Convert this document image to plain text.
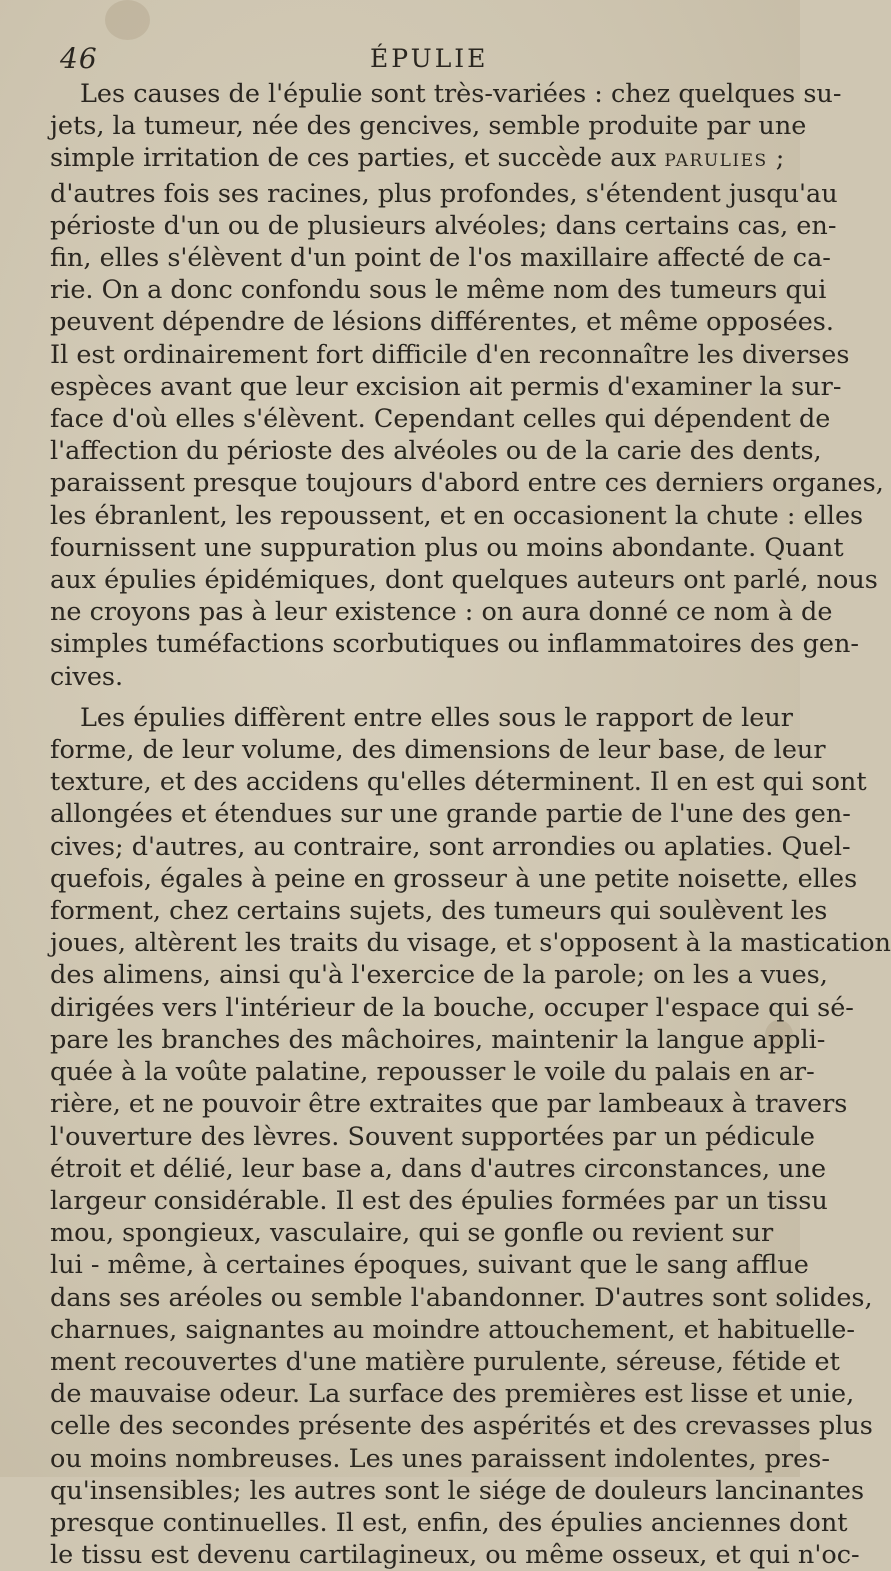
46	ÉPULIE
Les causes de l'épulie sont très-variées : chez quelques su-
jets, la tumeur, née des gencives, semble produite par une
simple irritation de ces parties, et succède aux PARULIES ;
d'autres fois ses racines, plus profondes, s'étendent jusqu'au
périoste d'un ou de plusieurs alvéoles; dans certains cas, en-
fin, elles s'élèvent d'un point de l'os maxillaire affecté de ca-
rie. On a donc confondu sous le même nom des tumeurs qui
peuvent dépendre de lésions différentes, et même opposées.
Il est ordinairement fort difficile d'en reconnaître les diverses
espèces avant que leur excision ait permis d'examiner la sur-
face d'où elles s'élèvent. Cependant celles qui dépendent de
l'affection du périoste des alvéoles ou de la carie des dents,
paraissent presque toujours d'abord entre ces derniers organes,
les ébranlent, les repoussent, et en occasionent la chute : elles
fournissent une suppuration plus ou moins abondante. Quant
aux épulies épidémiques, dont quelques auteurs ont parlé, nous
ne croyons pas à leur existence : on aura donné ce nom à de
simples tuméfactions scorbutiques ou inflammatoires des gen-
cives.
Les épulies diffèrent entre elles sous le rapport de leur
forme, de leur volume, des dimensions de leur base, de leur
texture, et des accidens qu'elles déterminent. Il en est qui sont
allongées et étendues sur une grande partie de l'une des gen-
cives; d'autres, au contraire, sont arrondies ou aplaties. Quel-
quefois, égales à peine en grosseur à une petite noisette, elles
forment, chez certains sujets, des tumeurs qui soulèvent les
joues, altèrent les traits du visage, et s'opposent à la mastication
des alimens, ainsi qu'à l'exercice de la parole; on les a vues,
dirigées vers l'intérieur de la bouche, occuper l'espace qui sé-
pare les branches des mâchoires, maintenir la langue appli-
quée à la voûte palatine, repousser le voile du palais en ar-
rière, et ne pouvoir être extraites que par lambeaux à travers
l'ouverture des lèvres. Souvent supportées par un pédicule
étroit et délié, leur base a, dans d'autres circonstances, une
largeur considérable. Il est des épulies formées par un tissu
mou, spongieux, vasculaire, qui se gonfle ou revient sur
lui - même, à certaines époques, suivant que le sang afflue
dans ses aréoles ou semble l'abandonner. D'autres sont solides,
charnues, saignantes au moindre attouchement, et habituelle-
ment recouvertes d'une matière purulente, séreuse, fétide et
de mauvaise odeur. La surface des premières est lisse et unie,
celle des secondes présente des aspérités et des crevasses plus
ou moins nombreuses. Les unes paraissent indolentes, pres-
qu'insensibles; les autres sont le siége de douleurs lancinantes
presque continuelles. Il est, enfin, des épulies anciennes dont
le tissu est devenu cartilagineux, ou même osseux, et qui n'oc-
